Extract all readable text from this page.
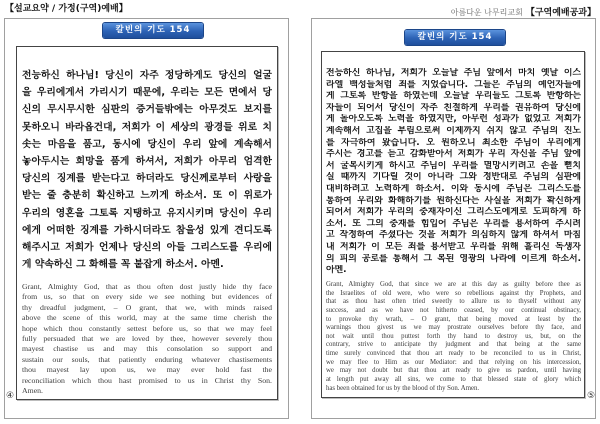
【설교요약 / 가정(구역)예배】
칼빈의 기도 154
전능하신 하나님! 당신이 자주 정당하게도 당신의 얼굴
을 우리에게서 가리시기 때문에, 우리는 모든 면에서 당
신의 무시무시한 심판의 증거들밖에는 아무것도 보지를
못하오니 바라옵건대, 저희가 이 세상의 광경들 위로 치
솟는 마음을 품고, 동시에 당신이 우리 앞에 계속해서
놓아두시는 희망을 품게 하셔서, 저희가 아무리 엄격한
당신의 징계를 받는다고 하더라도 당신께로부터 사랑을
받는 줄 충분히 확신하고 느끼게 하소서. 또 이 위로가
우리의 영혼을 그토록 지탱하고 유지시키며 당신이 우리
에게 어떠한 징계를 가하시더라도 참을성 있게 견디도록
해주시고 저희가 언제나 당신의 아들 그리스도를 우리에
게 약속하신 그 화해를 꼭 붙잡게 하소서. 아멘.
Grant, Almighty God, that as thou often dost justly hide thy face
from us, so that on every side we see nothing but evidences of
thy dreadful judgment, – O grant, that we, with minds raised
above the scene of this world, may at the same time cherish the
hope which thou constantly settest before us, so that we may feel
fully persuaded that we are loved by thee, however severely thou
mayest chastise us and may this consolation so support and
sustain our souls, that patiently enduring whatever chastisements
thou mayest lay upon us, we may ever hold fast the
reconciliation which thou hast promised to us in Christ thy Son.
Amen.
④
아름다운 나무리교회 【구역예배공과】
칼빈의 기도 154
전능하신 하나님, 저희가 오늘날 주님 앞에서 마치 옛날 이스
라엘 백성들처럼 죄를 지었습니다. 그들은 주님의 예언자들에
게 그토록 반항을 하였는데 오늘날 우리들도 그토록 반항하는
자들이 되어서 당신이 자주 친절하게 우리를 권유하여 당신에
게 돌아오도록 노력을 하였지만, 아무런 성과가 없었고 저희가
계속해서 고집을 부림으로써 이제까지 쉬지 않고 주님의 진노
를 자극하여 왔습니다. 오 원하오니 최소한 주님이 우리에게
주시는 경고를 듣고 감화받아서 저희가 우리 자신을 주님 앞에
서 굴복시키게 하시고 주님이 우리를 멸망시키려고 손을 뻗치
실 때까지 기다릴 것이 아니라 그와 정반대로 주님의 심판에
대비하려고 노력하게 하소서. 이와 동시에 주님은 그리스도를
통하여 우리와 화해하기를 원하신다는 사실을 저희가 확신하게
되어서 저희가 우리의 중재자이신 그리스도에게로 도피하게 하
소서. 또 그의 중재를 힘입어 주님은 우리를 용서하여 주시려
고 작정하여 주셨다는 것을 저희가 의심하지 않게 하셔서 마침
내 저희가 이 모든 죄를 용서받고 우리를 위해 흘리신 독생자
의 피의 공로를 통해서 그 복된 영광의 나라에 이르게 하소서.
아멘.
Grant, Almighty God, that since we are at this day as guilty before thee as
the Israelites of old were, who were so rebellious against thy Prophets, and
that as thou hast often tried sweetly to allure us to thyself without any
success, and as we have not hitherto ceased, by our continual obstinacy,
to provoke thy wrath, – O grant, that being moved at least by the
warnings thou givest us we may prostrate ourselves before thy face, and
not wait until thou puttest forth thy hand to destroy us, but, on the
contrary, strive to anticipate thy judgment and that being at the same
time surely convinced that thou art ready to be reconciled to us in Christ,
we may flee to Him as our Mediator: and that relying on his intercession,
we may not doubt but that thou art ready to give us pardon, until having
at length put away all sins, we come to that blessed state of glory which
has been obtained for us by the blood of thy Son. Amen.
⑤
